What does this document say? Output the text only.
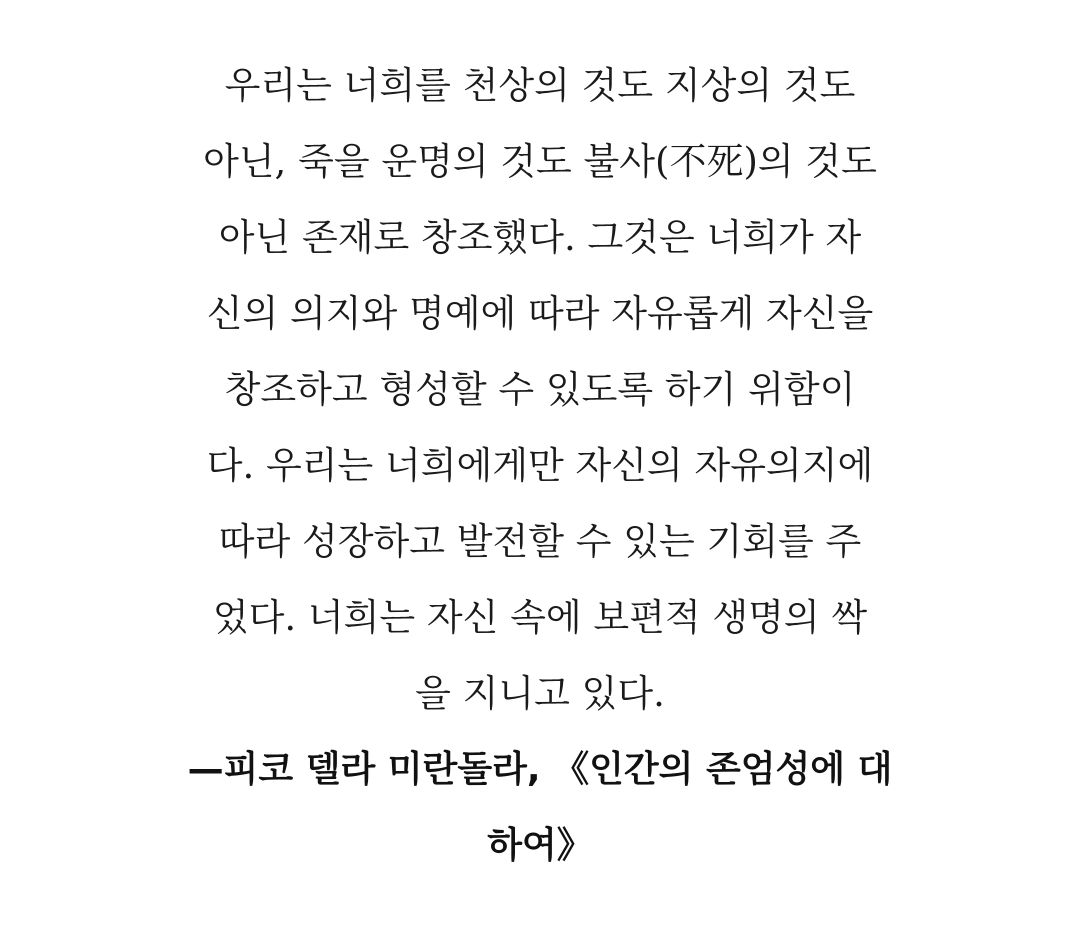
우리는 너희를 천상의 것도 지상의 것도
아닌, 죽을 운명의 것도 불사(不死)의 것도
아닌 존재로 창조했다. 그것은 너희가 자
신의 의지와 명예에 따라 자유롭게 자신을
창조하고 형성할 수 있도록 하기 위함이
다. 우리는 너희에게만 자신의 자유의지에
따라 성장하고 발전할 수 있는 기회를 주
었다. 너희는 자신 속에 보편적 생명의 싹
을 지니고 있다.
—피코 델라 미란돌라, 《인간의 존엄성에 대
하여》
